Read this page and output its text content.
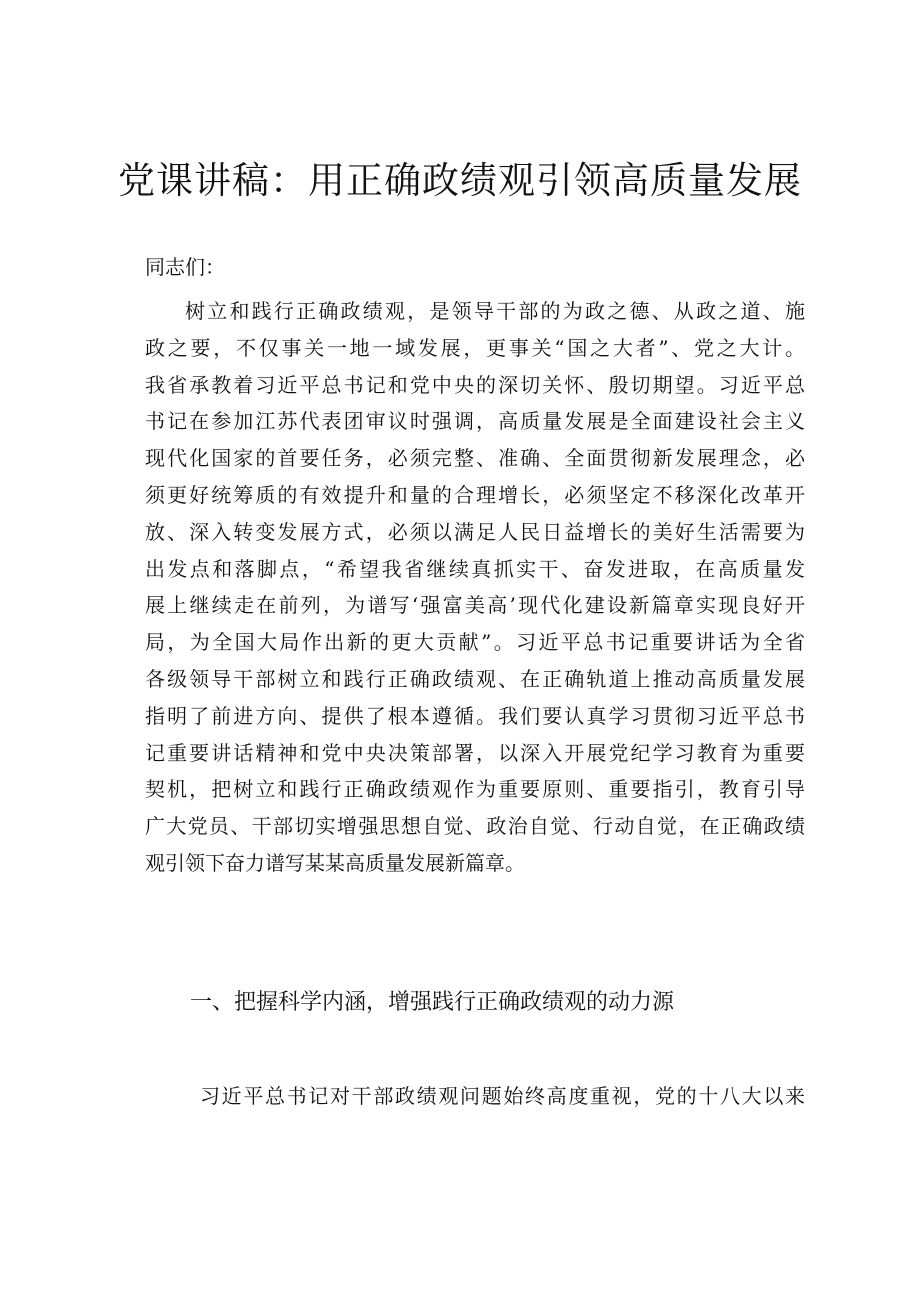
党课讲稿：用正确政绩观引领高质量发展
同志们：
树立和践行正确政绩观，是领导干部的为政之德、从政之道、施
政之要，不仅事关一地一域发展，更事关“国之大者”、党之大计。
我省承教着习近平总书记和党中央的深切关怀、殷切期望。习近平总
书记在参加江苏代表团审议时强调，高质量发展是全面建设社会主义
现代化国家的首要任务，必须完整、准确、全面贯彻新发展理念，必
须更好统筹质的有效提升和量的合理增长，必须坚定不移深化改革开
放、深入转变发展方式，必须以满足人民日益增长的美好生活需要为
出发点和落脚点，“希望我省继续真抓实干、奋发进取，在高质量发
展上继续走在前列，为谱写‘强富美高’现代化建设新篇章实现良好开
局，为全国大局作出新的更大贡献”。习近平总书记重要讲话为全省
各级领导干部树立和践行正确政绩观、在正确轨道上推动高质量发展
指明了前进方向、提供了根本遵循。我们要认真学习贯彻习近平总书
记重要讲话精神和党中央决策部署，以深入开展党纪学习教育为重要
契机，把树立和践行正确政绩观作为重要原则、重要指引，教育引导
广大党员、干部切实增强思想自觉、政治自觉、行动自觉，在正确政绩
观引领下奋力谱写某某高质量发展新篇章。
一、把握科学内涵，增强践行正确政绩观的动力源
习近平总书记对干部政绩观问题始终高度重视，党的十八大以来
